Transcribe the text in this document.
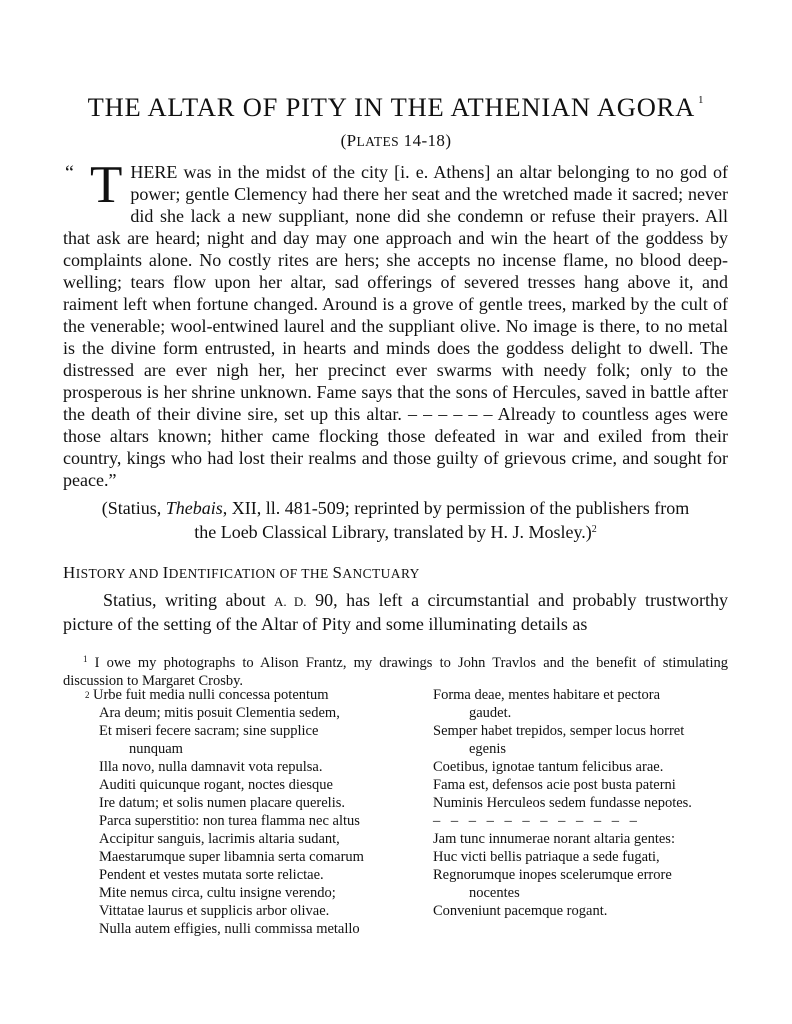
THE ALTAR OF PITY IN THE ATHENIAN AGORA $^1$
(PLATES 14-18)
“ T HERE was in the midst of the city [i. e. Athens] an altar belonging to no god of power; gentle Clemency had there her seat and the wretched made it sacred; never did she lack a new suppliant, none did she condemn or refuse their prayers. All that ask are heard; night and day may one approach and win the heart of the goddess by complaints alone. No costly rites are hers; she accepts no incense flame, no blood deep-welling; tears flow upon her altar, sad offerings of severed tresses hang above it, and raiment left when fortune changed. Around is a grove of gentle trees, marked by the cult of the venerable; wool-entwined laurel and the suppliant olive. No image is there, to no metal is the divine form entrusted, in hearts and minds does the goddess delight to dwell. The distressed are ever nigh her, her precinct ever swarms with needy folk; only to the prosperous is her shrine unknown. Fame says that the sons of Hercules, saved in battle after the death of their divine sire, set up this altar. – – – – – – Already to countless ages were those altars known; hither came flocking those defeated in war and exiled from their country, kings who had lost their realms and those guilty of grievous crime, and sought for peace.”
(Statius, Thebais, XII, ll. 481-509; reprinted by permission of the publishers from
the Loeb Classical Library, translated by H. J. Mosley.)$^2$
HISTORY AND IDENTIFICATION OF THE SANCTUARY

Statius, writing about A. D. 90, has left a circumstantial and probably trustworthy picture of the setting of the Altar of Pity and some illuminating details as

$^1$ I owe my photographs to Alison Frantz, my drawings to John Travlos and the benefit of stimulating discussion to Margaret Crosby.

$^2$ Urbe fuit media nulli concessa potentum
Ara deum; mitis posuit Clementia sedem,
Et miseri fecere sacram; sine supplice
nunquam
Illa novo, nulla damnavit vota repulsa.
Auditi quicunque rogant, noctes diesque
Ire datum; et solis numen placare querelis.
Parca superstitio: non turea flamma nec altus
Accipitur sanguis, lacrimis altaria sudant,
Maestarumque super libamnia serta comarum
Pendent et vestes mutata sorte relictae.
Mite nemus circa, cultu insigne verendo;
Vittatae laurus et supplicis arbor olivae.
Nulla autem effigies, nulli commissa metallo
Forma deae, mentes habitare et pectora
gaudet.
Semper habet trepidos, semper locus horret
egenis
Coetibus, ignotae tantum felicibus arae.
Fama est, defensos acie post busta paterni
Numinis Herculeos sedem fundasse nepotes.
– – – – – – – – – – – –
Jam tunc innumerae norant altaria gentes:
Huc victi bellis patriaque a sede fugati,
Regnorumque inopes scelerumque errore
nocentes
Conveniunt pacemque rogant.
